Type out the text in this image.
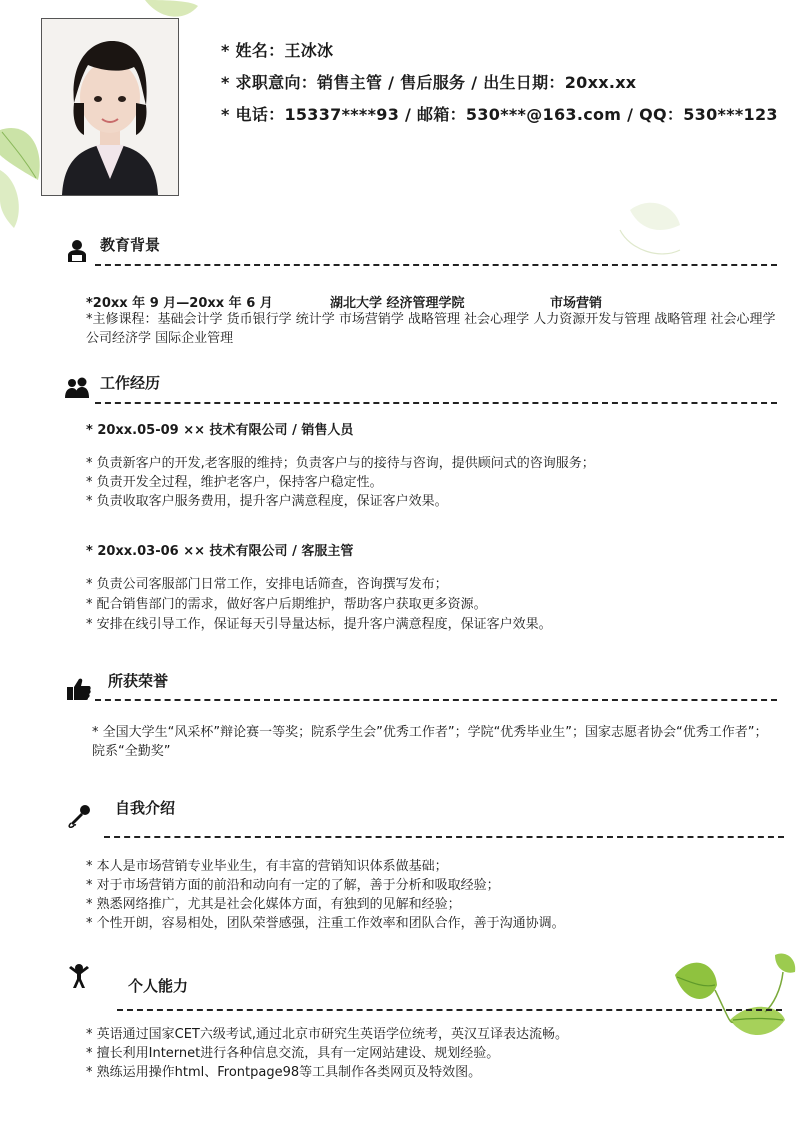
* 姓名：王冰冰
* 求职意向：销售主管 / 售后服务 / 出生日期：20xx.xx
* 电话：15337****93 / 邮箱：530***@163.com / QQ：530***123
教育背景
*20xx 年 9 月—20xx 年 6 月	湖北大学 经济管理学院	市场营销
*主修课程：基础会计学 货币银行学 统计学 市场营销学 战略管理 社会心理学 人力资源开发与管理 战略管理 社会心理学 公司经济学 国际企业管理
工作经历
* 20xx.05-09 ×× 技术有限公司 / 销售人员
* 负责新客户的开发,老客服的维持；负责客户与的接待与咨询，提供顾问式的咨询服务；
* 负责开发全过程，维护老客户，保持客户稳定性。
* 负责收取客户服务费用，提升客户满意程度，保证客户效果。
* 20xx.03-06 ×× 技术有限公司 / 客服主管
* 负责公司客服部门日常工作，安排电话筛查，咨询撰写发布；
* 配合销售部门的需求，做好客户后期维护，帮助客户获取更多资源。
* 安排在线引导工作，保证每天引导量达标，提升客户满意程度，保证客户效果。
所获荣誉
* 全国大学生“风采杯”辩论赛一等奖；院系学生会”优秀工作者”；学院“优秀毕业生”；国家志愿者协会“优秀工作者”； 院系“全勤奖”
自我介绍
* 本人是市场营销专业毕业生，有丰富的营销知识体系做基础；
* 对于市场营销方面的前沿和动向有一定的了解，善于分析和吸取经验；
* 熟悉网络推广，尤其是社会化媒体方面，有独到的见解和经验；
* 个性开朗，容易相处，团队荣誉感强，注重工作效率和团队合作，善于沟通协调。
个人能力
* 英语通过国家CET六级考试,通过北京市研究生英语学位统考，英汉互译表达流畅。
* 擅长利用Internet进行各种信息交流，具有一定网站建设、规划经验。
* 熟练运用操作html、Frontpage98等工具制作各类网页及特效图。
